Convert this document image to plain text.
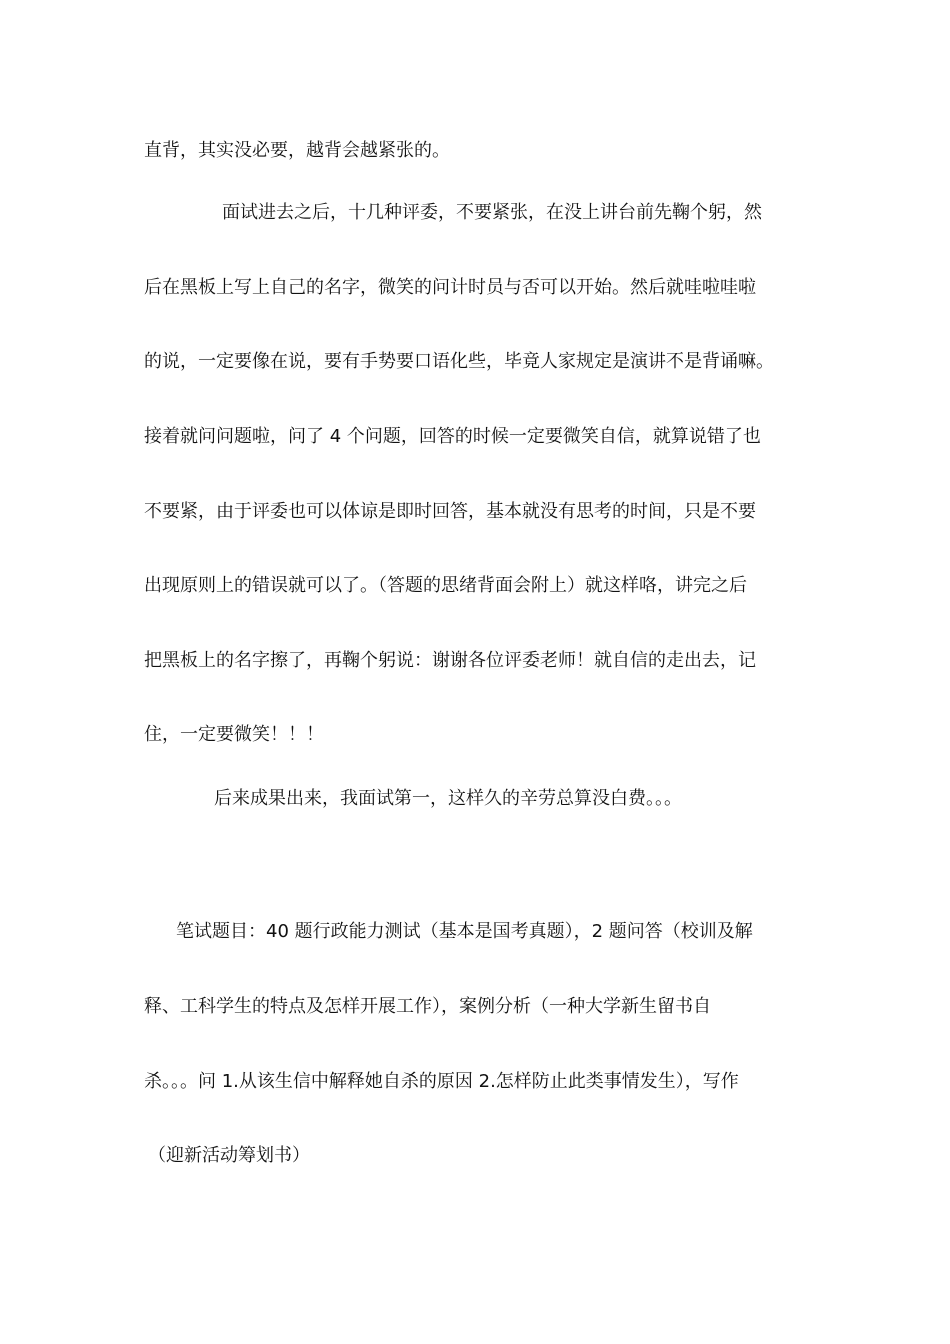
直背，其实没必要，越背会越紧张的。
面试进去之后，十几种评委，不要紧张，在没上讲台前先鞠个躬，然
后在黑板上写上自己的名字，微笑的问计时员与否可以开始。然后就哇啦哇啦
的说，一定要像在说，要有手势要口语化些，毕竟人家规定是演讲不是背诵嘛。
接着就问问题啦，问了 4 个问题，回答的时候一定要微笑自信，就算说错了也
不要紧，由于评委也可以体谅是即时回答，基本就没有思考的时间，只是不要
出现原则上的错误就可以了。（答题的思绪背面会附上）就这样咯，讲完之后
把黑板上的名字擦了，再鞠个躬说：谢谢各位评委老师！就自信的走出去，记
住，一定要微笑！！！
后来成果出来，我面试第一，这样久的辛劳总算没白费。。。
笔试题目：40 题行政能力测试（基本是国考真题），2 题问答（校训及解
释、工科学生的特点及怎样开展工作），案例分析（一种大学新生留书自
杀。。。问 1.从该生信中解释她自杀的原因 2.怎样防止此类事情发生），写作
（迎新活动筹划书）
